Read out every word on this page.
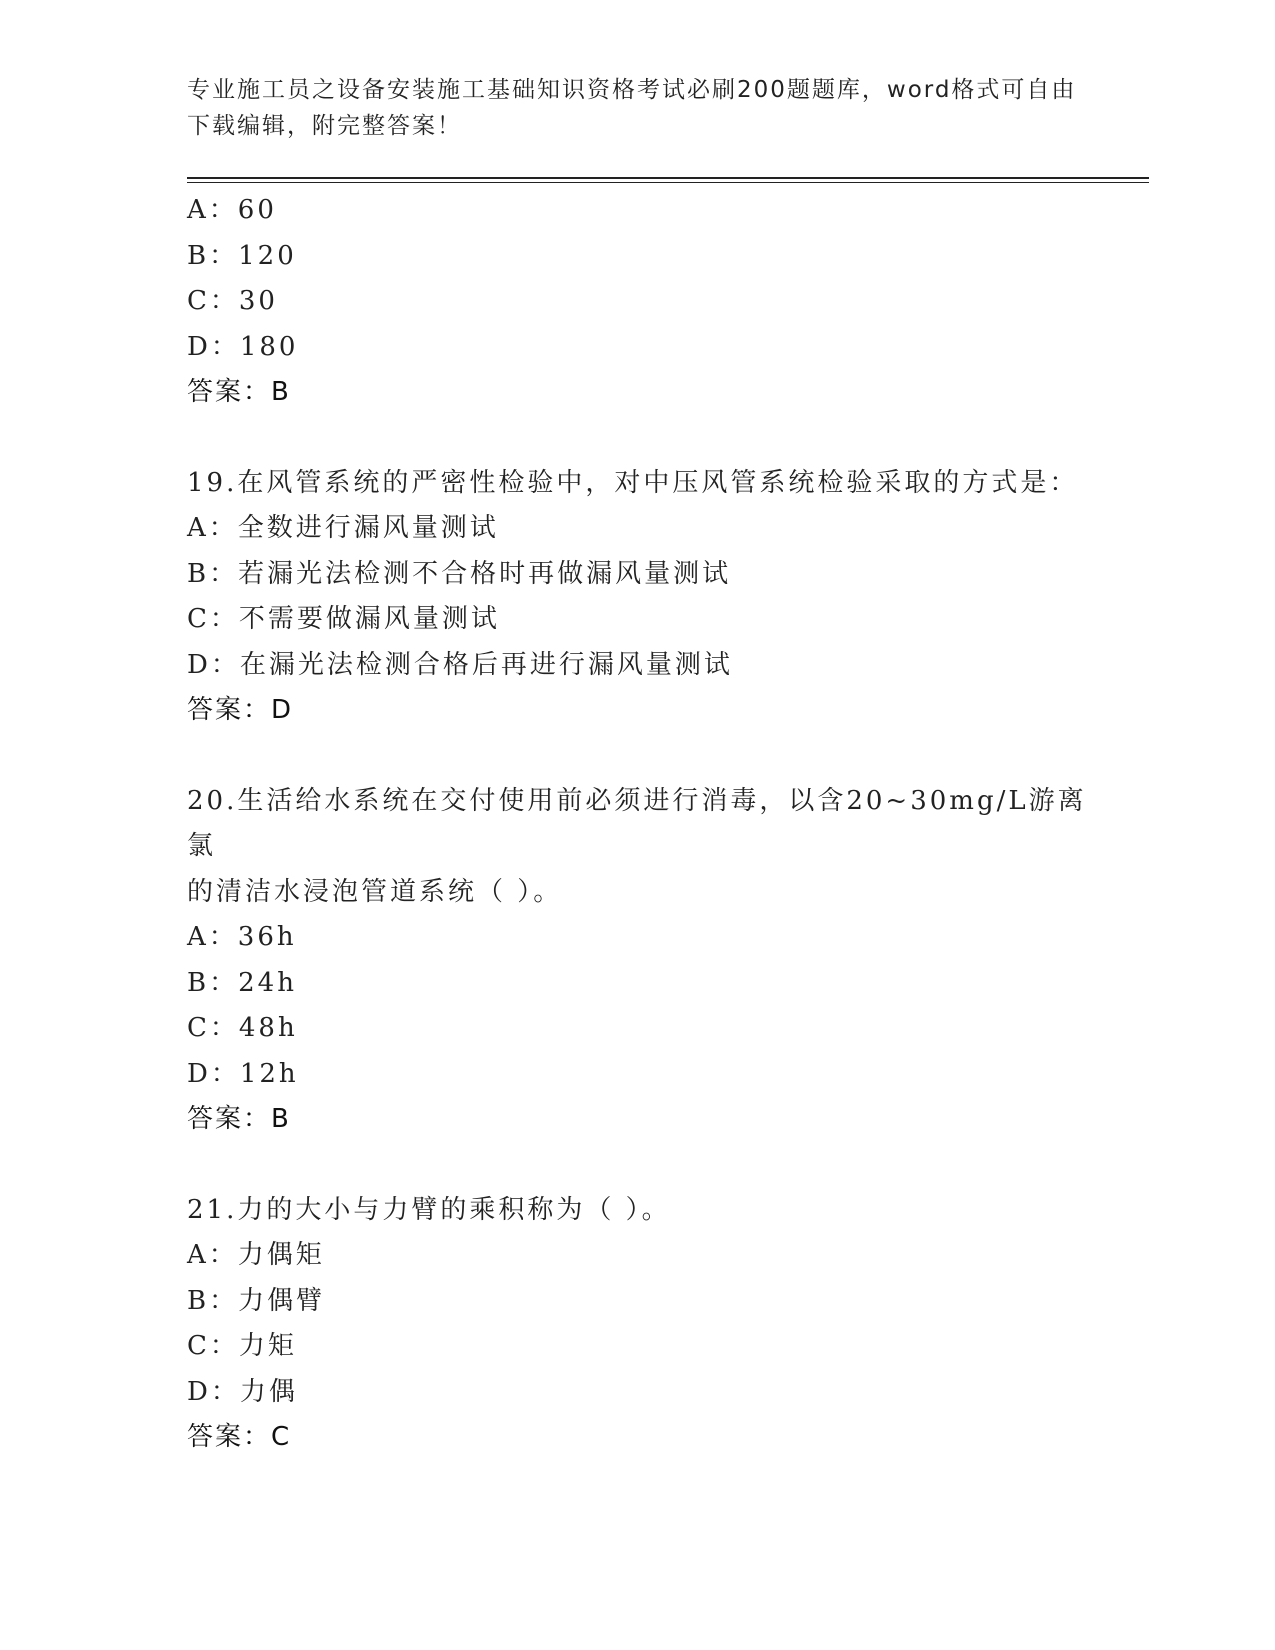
专业施工员之设备安装施工基础知识资格考试必刷200题题库，word格式可自由
下载编辑，附完整答案！
A：60
B：120
C：30
D：180
答案：B
19.在风管系统的严密性检验中，对中压风管系统检验采取的方式是：
A：全数进行漏风量测试
B：若漏光法检测不合格时再做漏风量测试
C：不需要做漏风量测试
D：在漏光法检测合格后再进行漏风量测试
答案：D
20.生活给水系统在交付使用前必须进行消毒，以含20~30mg/L游离氯
的清洁水浸泡管道系统（ ）。
A：36h
B：24h
C：48h
D：12h
答案：B
21.力的大小与力臂的乘积称为（ ）。
A：力偶矩
B：力偶臂
C：力矩
D：力偶
答案：C
